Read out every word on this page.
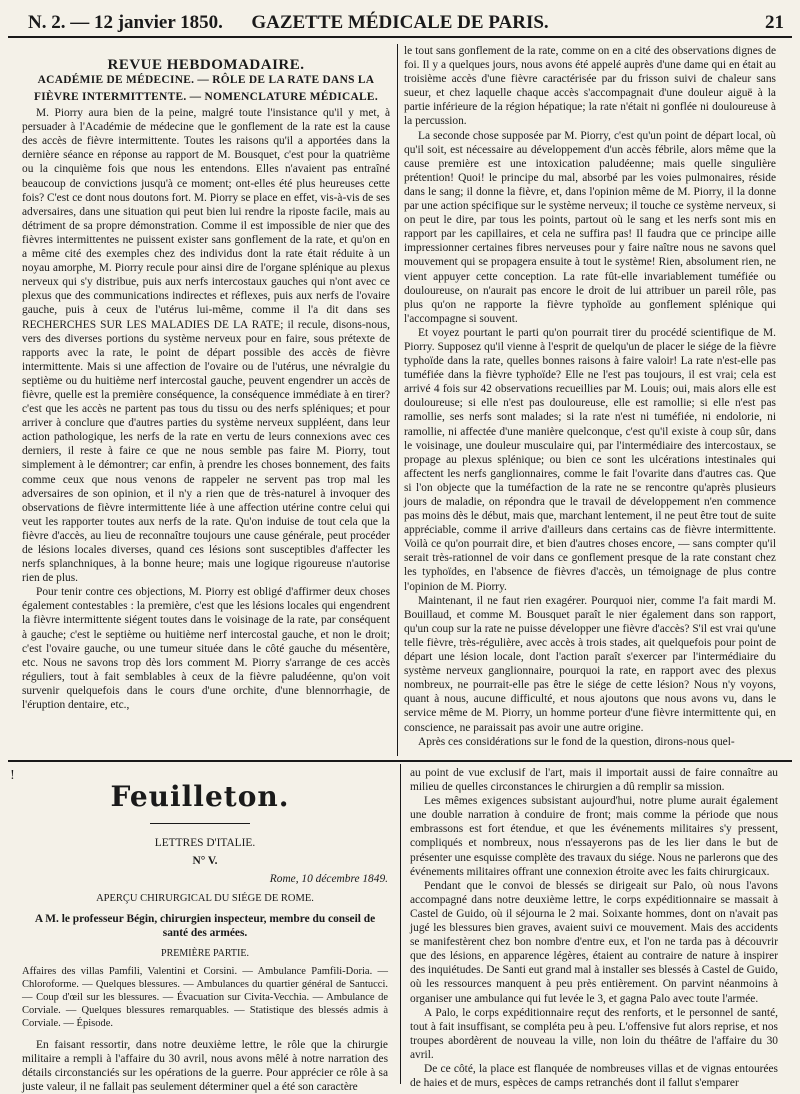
N. 2. — 12 janvier 1850.	GAZETTE MÉDICALE DE PARIS.	21

REVUE HEBDOMADAIRE.

ACADÉMIE DE MÉDECINE. — RÔLE DE LA RATE DANS LA FIÈVRE INTERMITTENTE. — NOMENCLATURE MÉDICALE.

M. Piorry aura bien de la peine, malgré toute l'insistance qu'il y met, à persuader à l'Académie de médecine que le gonflement de la rate est la cause des accès de fièvre intermittente. Toutes les raisons qu'il a apportées dans la dernière séance en réponse au rapport de M. Bousquet, c'est pour la quatrième ou la cinquième fois que nous les entendons. Elles n'avaient pas entraîné beaucoup de convictions jusqu'à ce moment; ont-elles été plus heureuses cette fois? C'est ce dont nous doutons fort. M. Piorry se place en effet, vis-à-vis de ses adversaires, dans une situation qui peut bien lui rendre la riposte facile, mais au détriment de sa propre démonstration. Comme il est impossible de nier que des fièvres intermittentes ne puissent exister sans gonflement de la rate, et qu'on en a même cité des exemples chez des individus dont la rate était réduite à un noyau amorphe, M. Piorry recule pour ainsi dire de l'organe splénique au plexus nerveux qui s'y distribue, puis aux nerfs intercostaux gauches qui n'ont avec ce plexus que des communications indirectes et réflexes, puis aux nerfs de l'ovaire gauche, puis à ceux de l'utérus lui-même, comme il l'a dit dans ses RECHERCHES SUR LES MALADIES DE LA RATE; il recule, disons-nous, vers des diverses portions du système nerveux pour en faire, sous prétexte de rapports avec la rate, le point de départ possible des accès de fièvre intermittente. Mais si une affection de l'ovaire ou de l'utérus, une névralgie du septième ou du huitième nerf intercostal gauche, peuvent engendrer un accès de fièvre, quelle est la première conséquence, la conséquence immédiate à en tirer? c'est que les accès ne partent pas tous du tissu ou des nerfs spléniques; et pour arriver à conclure que d'autres parties du système nerveux suppléent, dans leur action pathologique, les nerfs de la rate en vertu de leurs connexions avec ces derniers, il reste à faire ce que ne nous semble pas faire M. Piorry, tout simplement à le démontrer; car enfin, à prendre les choses bonnement, des faits comme ceux que nous venons de rappeler ne servent pas trop mal les adversaires de son opinion, et il n'y a rien que de très-naturel à invoquer des observations de fièvre intermittente liée à une affection utérine contre celui qui veut les rapporter toutes aux nerfs de la rate. Qu'on induise de tout cela que la fièvre d'accès, au lieu de reconnaître toujours une cause générale, peut procéder de lésions locales diverses, quand ces lésions sont susceptibles d'affecter les nerfs splanchniques, à la bonne heure; mais une logique rigoureuse n'autorise rien de plus.

Pour tenir contre ces objections, M. Piorry est obligé d'affirmer deux choses également contestables : la première, c'est que les lésions locales qui engendrent la fièvre intermittente siégent toutes dans le voisinage de la rate, par conséquent à gauche; c'est le septième ou huitième nerf intercostal gauche, et non le droit; c'est l'ovaire gauche, ou une tumeur située dans le côté gauche du mésentère, etc. Nous ne savons trop dès lors comment M. Piorry s'arrange de ces accès réguliers, tout à fait semblables à ceux de la fièvre paludéenne, qu'on voit survenir quelquefois dans le cours d'une orchite, d'une blennorrhagie, de l'éruption dentaire, etc.,

le tout sans gonflement de la rate, comme on en a cité des observations dignes de foi. Il y a quelques jours, nous avons été appelé auprès d'une dame qui en était au troisième accès d'une fièvre caractérisée par du frisson suivi de chaleur sans sueur, et chez laquelle chaque accès s'accompagnait d'une douleur aiguë à la partie inférieure de la région hépatique; la rate n'était ni gonflée ni douloureuse à la percussion.

La seconde chose supposée par M. Piorry, c'est qu'un point de départ local, où qu'il soit, est nécessaire au développement d'un accès fébrile, alors même que la cause première est une intoxication paludéenne; mais quelle singulière prétention! Quoi! le principe du mal, absorbé par les voies pulmonaires, réside dans le sang; il donne la fièvre, et, dans l'opinion même de M. Piorry, il la donne par une action spécifique sur le système nerveux; il touche ce système nerveux, si on peut le dire, par tous les points, partout où le sang et les nerfs sont mis en rapport par les capillaires, et cela ne suffira pas! Il faudra que ce principe aille impressionner certaines fibres nerveuses pour y faire naître nous ne savons quel mouvement qui se propagera ensuite à tout le système! Rien, absolument rien, ne vient appuyer cette conception. La rate fût-elle invariablement tuméfiée ou douloureuse, on n'aurait pas encore le droit de lui attribuer un pareil rôle, pas plus qu'on ne rapporte la fièvre typhoïde au gonflement splénique qui l'accompagne si souvent.

Et voyez pourtant le parti qu'on pourrait tirer du procédé scientifique de M. Piorry. Supposez qu'il vienne à l'esprit de quelqu'un de placer le siége de la fièvre typhoïde dans la rate, quelles bonnes raisons à faire valoir! La rate n'est-elle pas tuméfiée dans la fièvre typhoïde? Elle ne l'est pas toujours, il est vrai; cela est arrivé 4 fois sur 42 observations recueillies par M. Louis; oui, mais alors elle est douloureuse; si elle n'est pas douloureuse, elle est ramollie; si elle n'est pas ramollie, ses nerfs sont malades; si la rate n'est ni tuméfiée, ni endolorie, ni ramollie, ni affectée d'une manière quelconque, c'est qu'il existe à coup sûr, dans le voisinage, une douleur musculaire qui, par l'intermédiaire des intercostaux, se propage au plexus splénique; ou bien ce sont les ulcérations intestinales qui affectent les nerfs ganglionnaires, comme le fait l'ovarite dans d'autres cas. Que si l'on objecte que la tuméfaction de la rate ne se rencontre qu'après plusieurs jours de maladie, on répondra que le travail de développement n'en commence pas moins dès le début, mais que, marchant lentement, il ne peut être tout de suite appréciable, comme il arrive d'ailleurs dans certains cas de fièvre intermittente. Voilà ce qu'on pourrait dire, et bien d'autres choses encore, — sans compter qu'il serait très-rationnel de voir dans ce gonflement presque de la rate constant chez les typhoïdes, en l'absence de fièvres d'accès, un témoignage de plus contre l'opinion de M. Piorry.

Maintenant, il ne faut rien exagérer. Pourquoi nier, comme l'a fait mardi M. Bouillaud, et comme M. Bousquet paraît le nier également dans son rapport, qu'un coup sur la rate ne puisse développer une fièvre d'accès? S'il est vrai qu'une telle fièvre, très-régulière, avec accès à trois stades, ait quelquefois pour point de départ une lésion locale, dont l'action paraît s'exercer par l'intermédiaire du système nerveux ganglionnaire, pourquoi la rate, en rapport avec des plexus nombreux, ne pourrait-elle pas être le siége de cette lésion? Nous n'y voyons, quant à nous, aucune difficulté, et nous ajoutons que nous avons vu, dans le service même de M. Piorry, un homme porteur d'une fièvre intermittente qui, en conscience, ne paraissait pas avoir une autre origine.

Après ces considérations sur le fond de la question, dirons-nous quel-

!
Feuilleton.

LETTRES D'ITALIE.

N° V.

Rome, 10 décembre 1849.

APERÇU CHIRURGICAL DU SIÉGE DE ROME.

A M. le professeur Bégin, chirurgien inspecteur, membre du conseil de santé des armées.

PREMIÈRE PARTIE.

Affaires des villas Pamfili, Valentini et Corsini. — Ambulance Pamfili-Doria. — Chloroforme. — Quelques blessures. — Ambulances du quartier général de Santucci. — Coup d'œil sur les blessures. — Évacuation sur Civita-Vecchia. — Ambulance de Corviale. — Quelques blessures remarquables. — Statistique des blessés admis à Corviale. — Épisode.

En faisant ressortir, dans notre deuxième lettre, le rôle que la chirurgie militaire a rempli à l'affaire du 30 avril, nous avons mêlé à notre narration des détails circonstanciés sur les opérations de la guerre. Pour apprécier ce rôle à sa juste valeur, il ne fallait pas seulement déterminer quel a été son caractère

au point de vue exclusif de l'art, mais il importait aussi de faire connaître au milieu de quelles circonstances le chirurgien a dû remplir sa mission.

Les mêmes exigences subsistant aujourd'hui, notre plume aurait également une double narration à conduire de front; mais comme la période que nous embrassons est fort étendue, et que les événements militaires s'y pressent, compliqués et nombreux, nous n'essayerons pas de les lier dans le but de présenter une esquisse complète des travaux du siége. Nous ne parlerons que des événements militaires offrant une connexion étroite avec les faits chirurgicaux.

Pendant que le convoi de blessés se dirigeait sur Palo, où nous l'avons accompagné dans notre deuxième lettre, le corps expéditionnaire se massait à Castel de Guido, où il séjourna le 2 mai. Soixante hommes, dont on n'avait pas jugé les blessures bien graves, avaient suivi ce mouvement. Mais des accidents se manifestèrent chez bon nombre d'entre eux, et l'on ne tarda pas à découvrir que des lésions, en apparence légères, étaient au contraire de nature à inspirer des inquiétudes. De Santi eut grand mal à installer ses blessés à Castel de Guido, où les ressources manquent à peu près entièrement. On parvint néanmoins à organiser une ambulance qui fut levée le 3, et gagna Palo avec toute l'armée.

A Palo, le corps expéditionnaire reçut des renforts, et le personnel de santé, tout à fait insuffisant, se compléta peu à peu. L'offensive fut alors reprise, et nos troupes abordèrent de nouveau la ville, non loin du théâtre de l'affaire du 30 avril.

De ce côté, la place est flanquée de nombreuses villas et de vignas entourées de haies et de murs, espèces de camps retranchés dont il fallut s'emparer
